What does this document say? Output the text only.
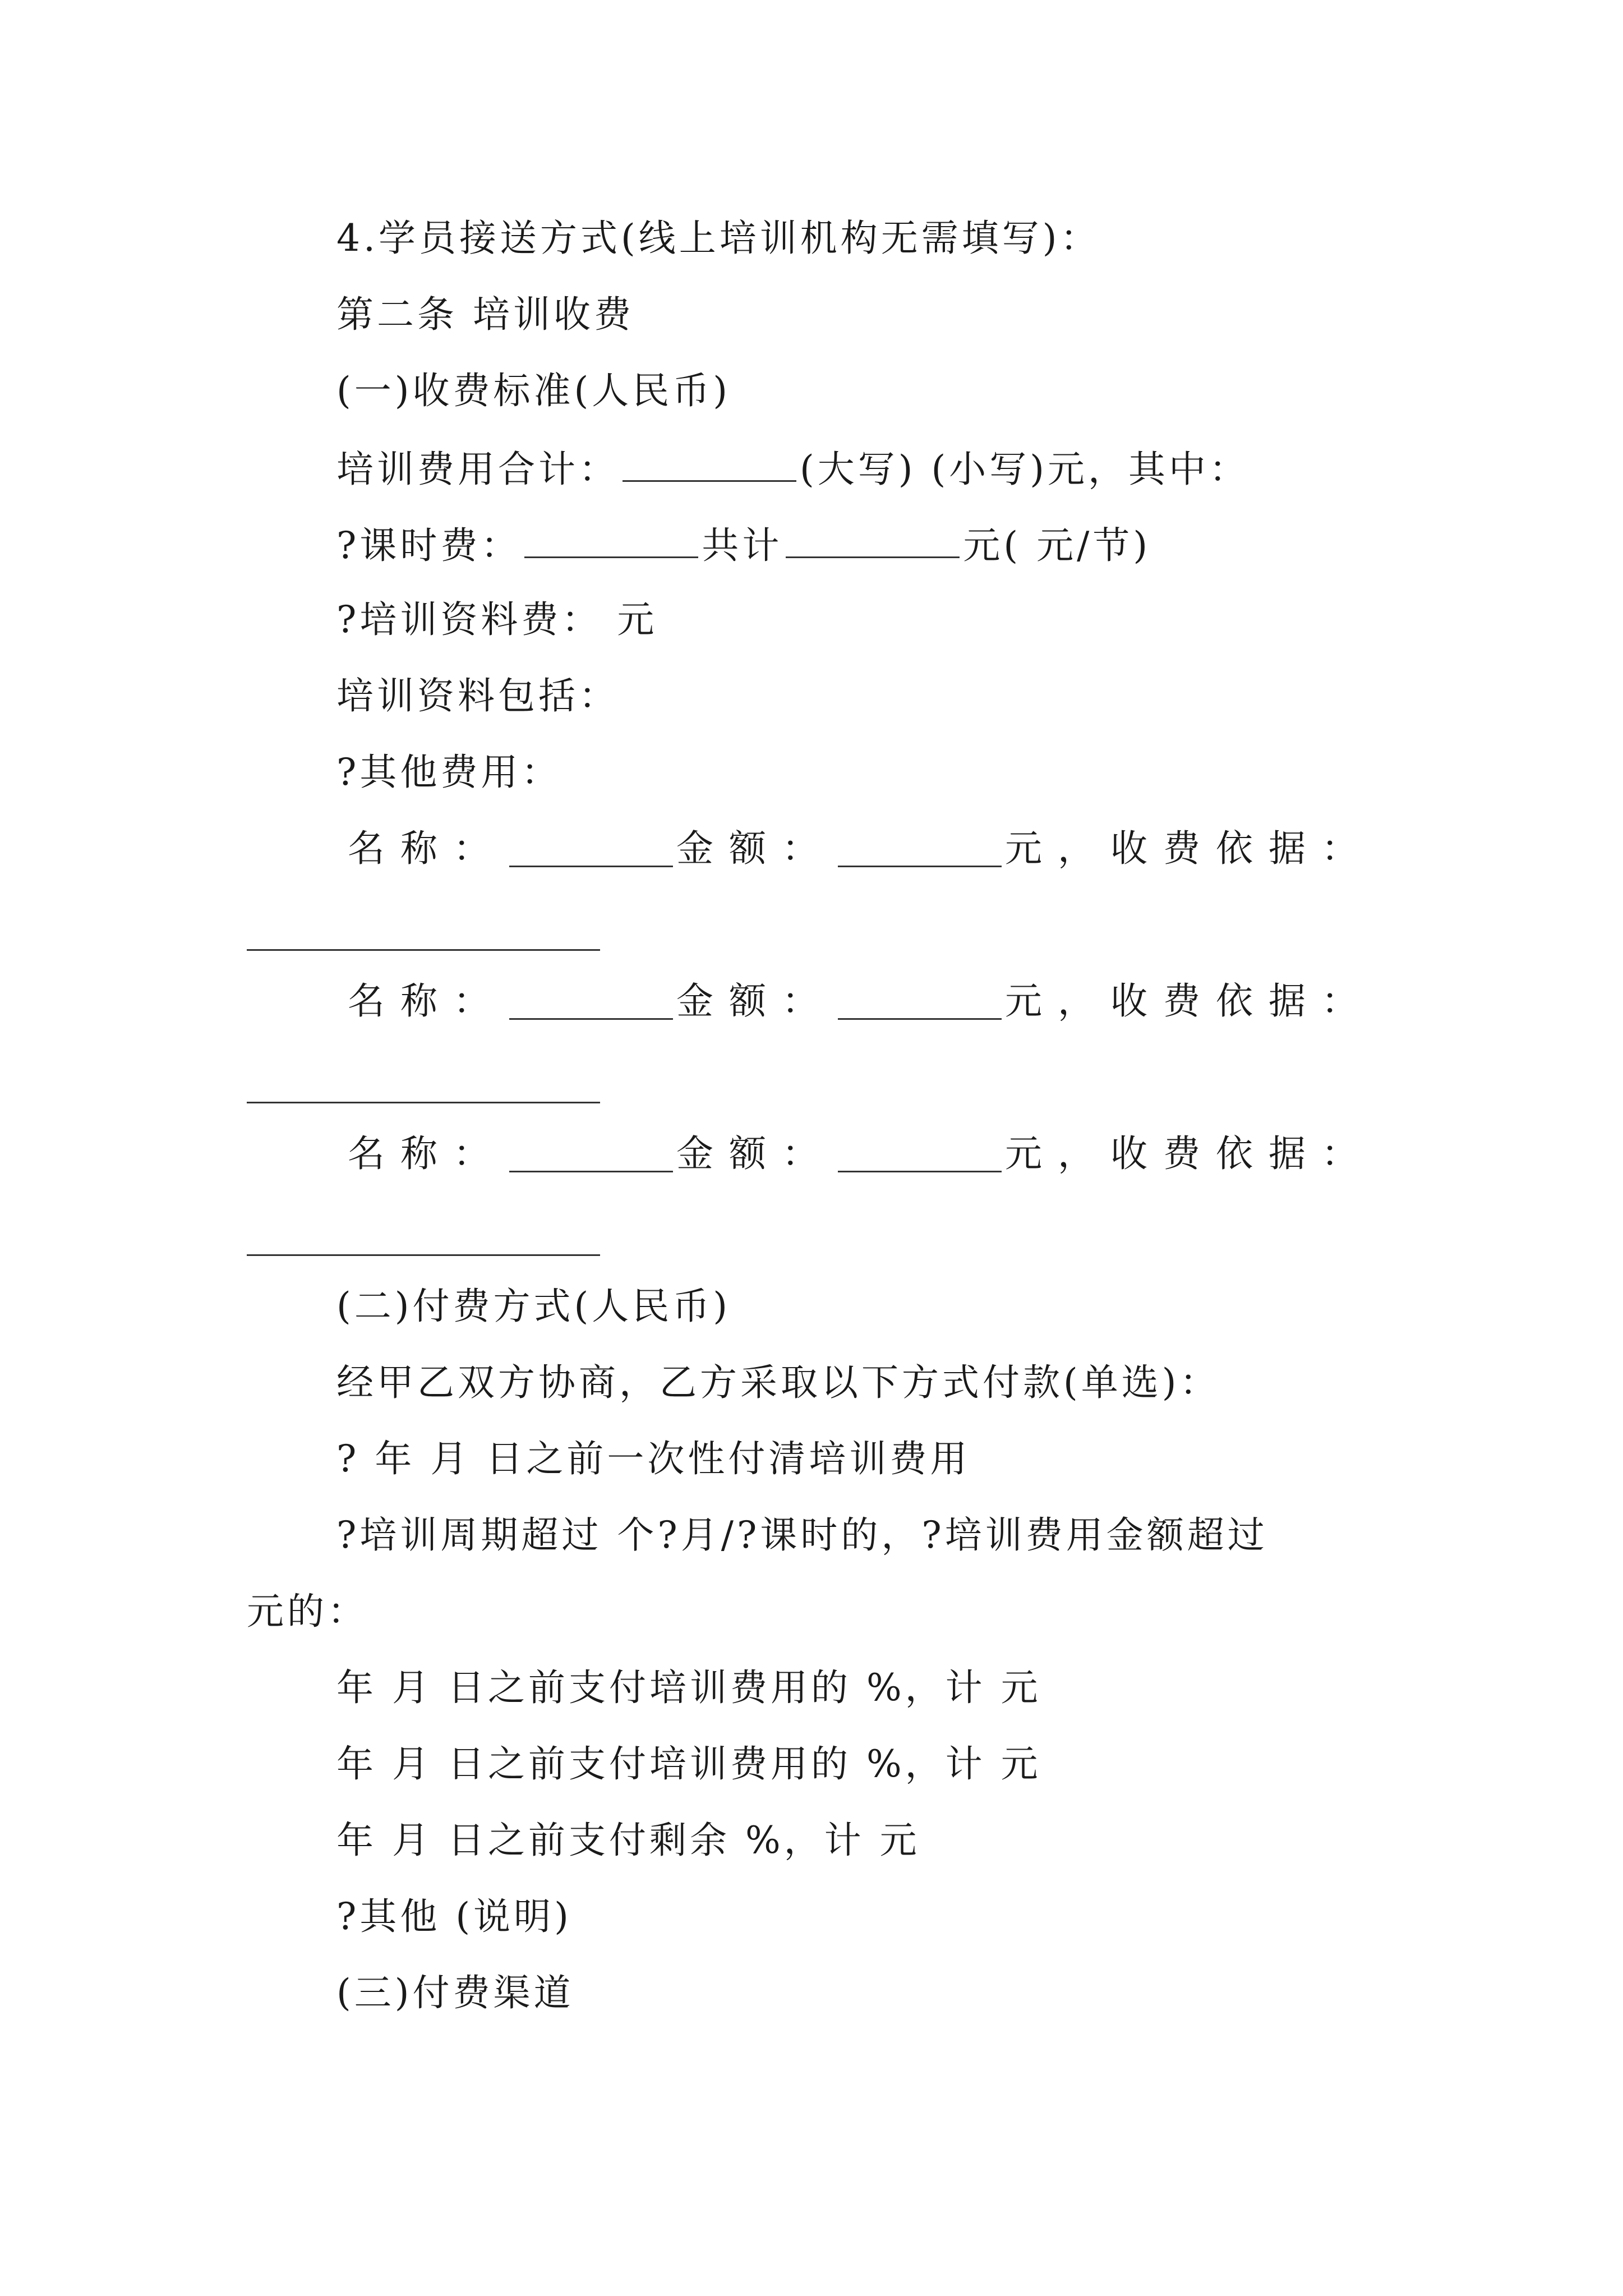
4.学员接送方式(线上培训机构无需填写)：
第二条 培训收费
(一)收费标准(人民币)
培训费用合计：	(大写) (小写)元，其中：
?课时费：	共计	元( 元/节)
?培训资料费： 元
培训资料包括：
?其他费用：
名称：	金额：	元，收费依据：
名称：	金额：	元，收费依据：
名称：	金额：	元，收费依据：
(二)付费方式(人民币)
经甲乙双方协商，乙方采取以下方式付款(单选)：
? 年 月 日之前一次性付清培训费用
?培训周期超过 个?月/?课时的，?培训费用金额超过
元的：
年 月 日之前支付培训费用的 %，计 元
年 月 日之前支付培训费用的 %，计 元
年 月 日之前支付剩余 %，计 元
?其他 (说明)
(三)付费渠道
